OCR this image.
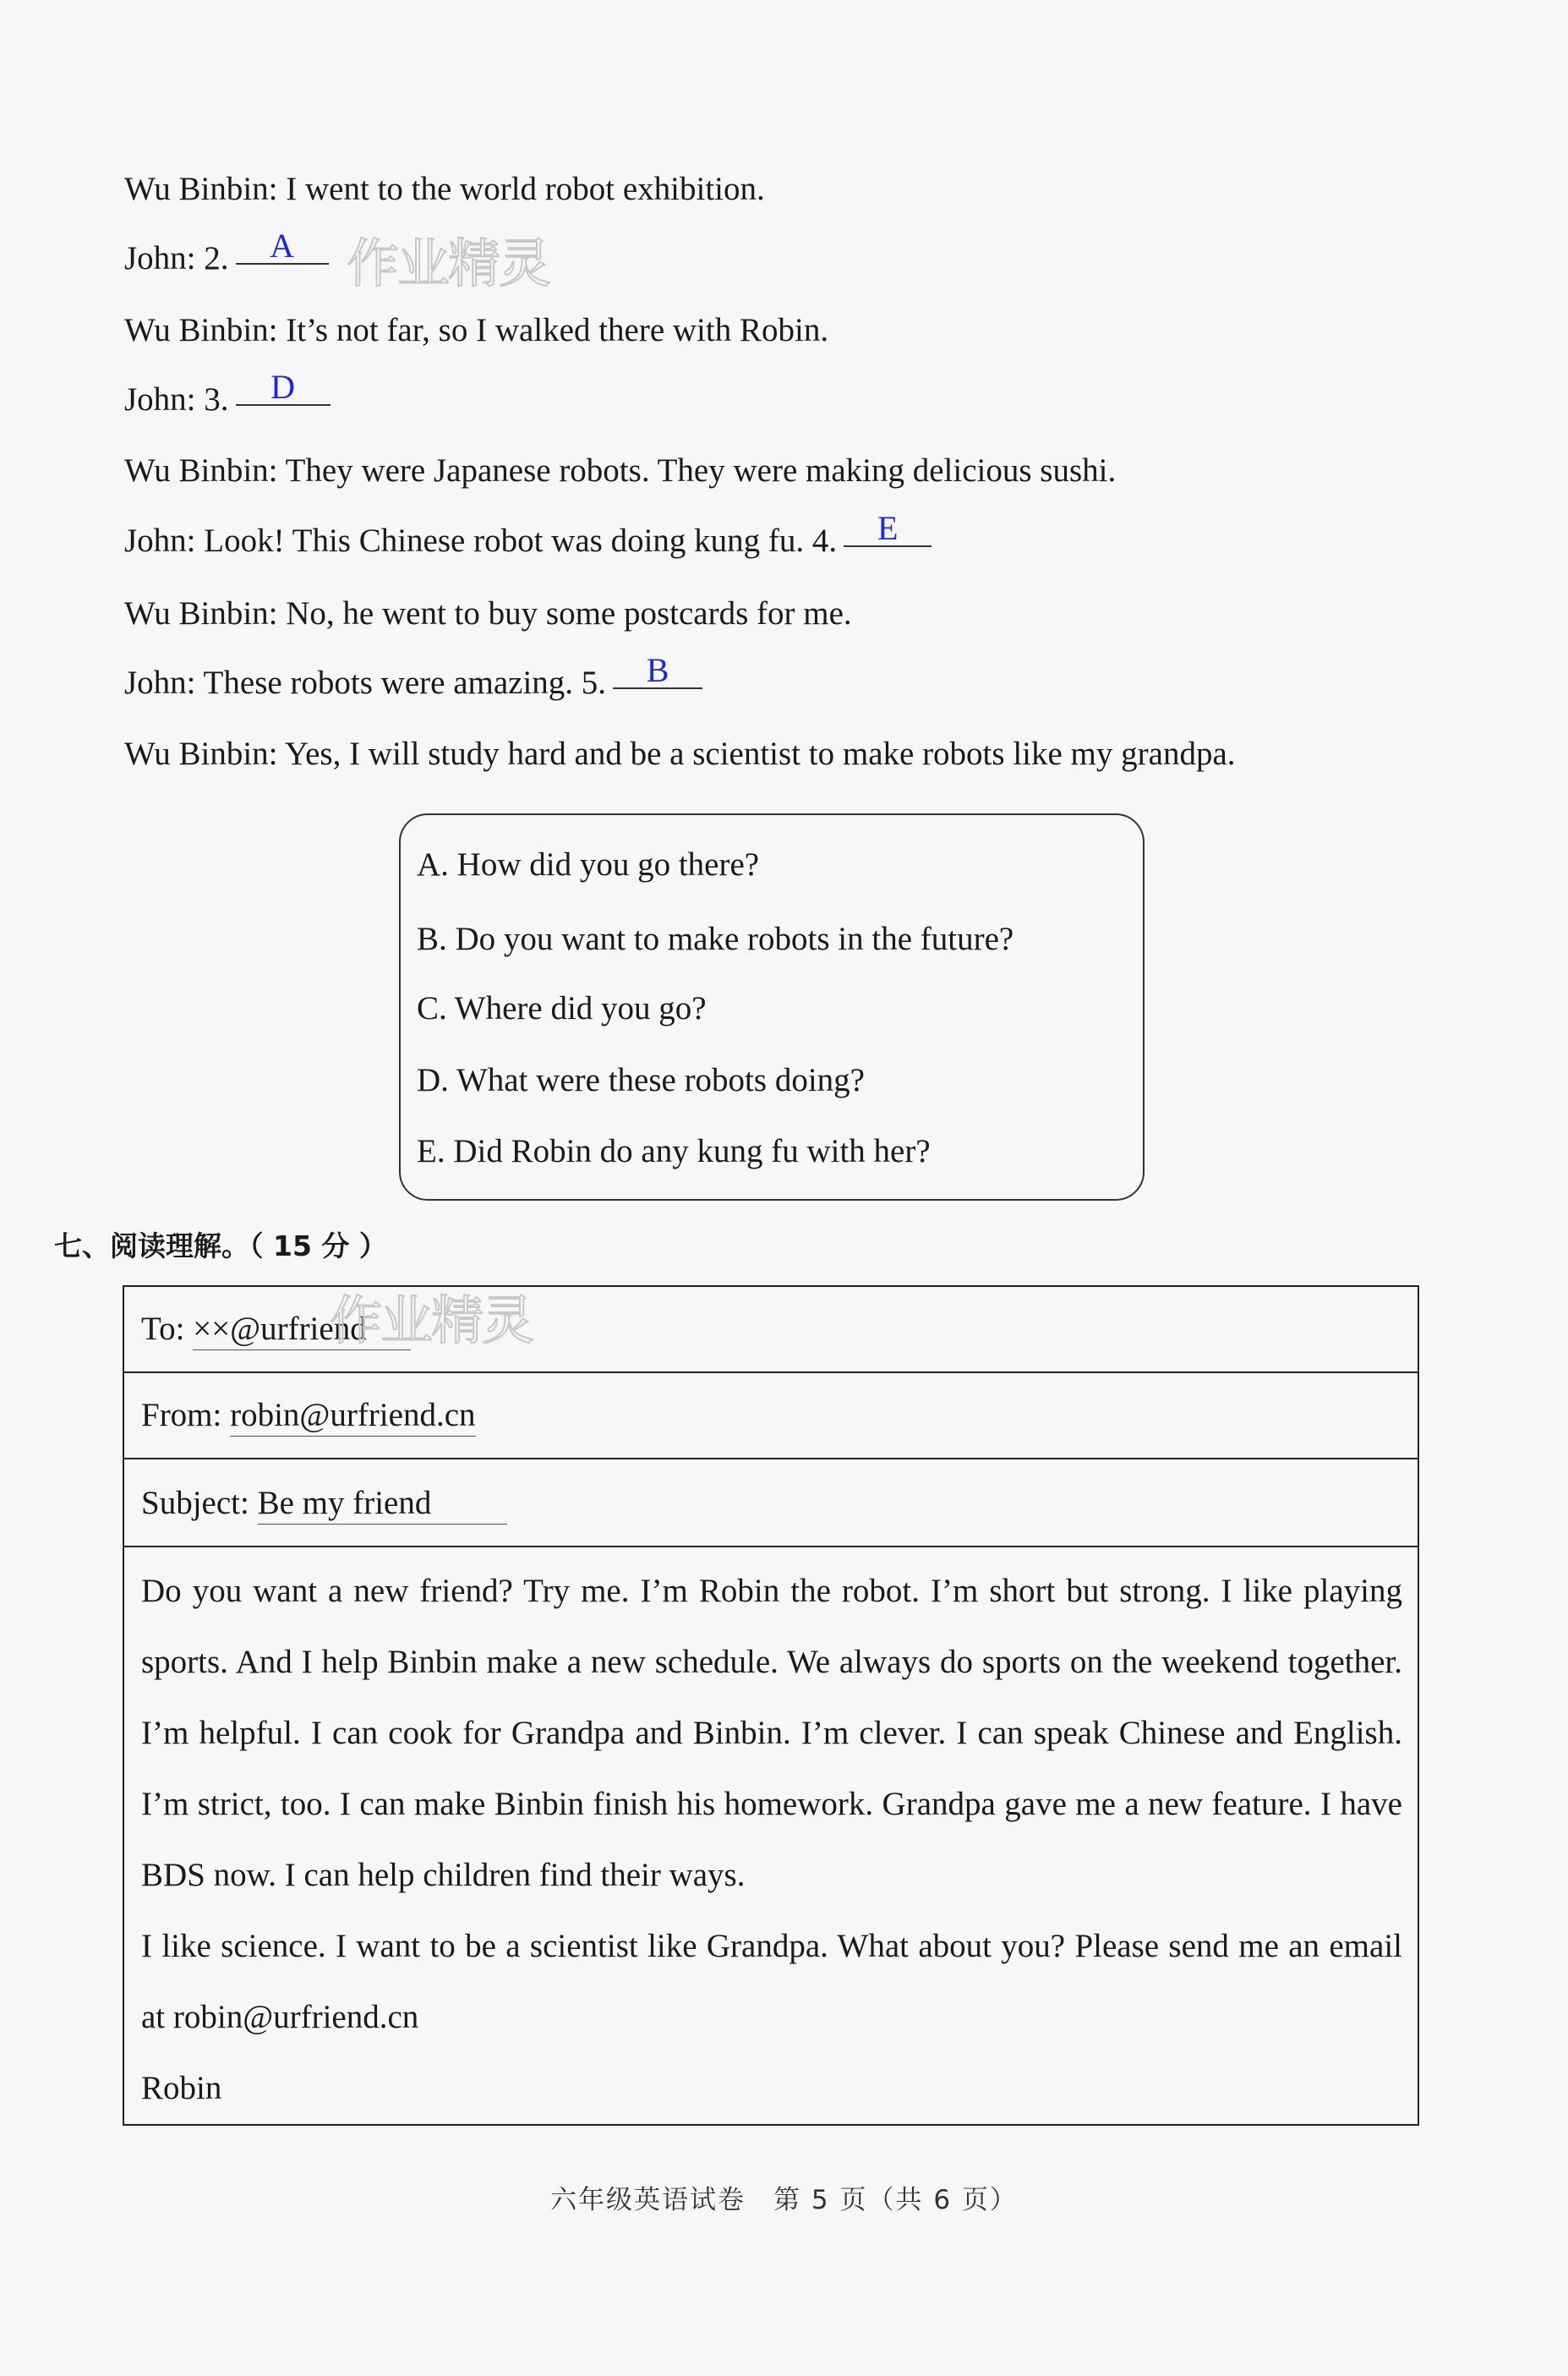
Wu Binbin: I went to the world robot exhibition.
John: 2. A
Wu Binbin: It’s not far, so I walked there with Robin.
John: 3. D
Wu Binbin: They were Japanese robots. They were making delicious sushi.
John: Look! This Chinese robot was doing kung fu. 4. E
Wu Binbin: No, he went to buy some postcards for me.
John: These robots were amazing. 5. B
Wu Binbin: Yes, I will study hard and be a scientist to make robots like my grandpa.
作业精灵
A. How did you go there?
B. Do you want to make robots in the future?
C. Where did you go?
D. What were these robots doing?
E. Did Robin do any kung fu with her?
七、阅读理解。（ 15 分 ）
To: ××@urfriend
From: robin@urfriend.cn
Subject: Be my friend

Do you want a new friend? Try me. I’m Robin the robot. I’m short but strong. I like playing sports. And I help Binbin make a new schedule. We always do sports on the weekend together. I’m helpful. I can cook for Grandpa and Binbin. I’m clever. I can speak Chinese and English. I’m strict, too. I can make Binbin finish his homework. Grandpa gave me a new feature. I have BDS now. I can help children find their ways.

I like science. I want to be a scientist like Grandpa. What about you? Please send me an email at robin@urfriend.cn

Robin

作业精灵
六年级英语试卷　第 5 页（共 6 页）
